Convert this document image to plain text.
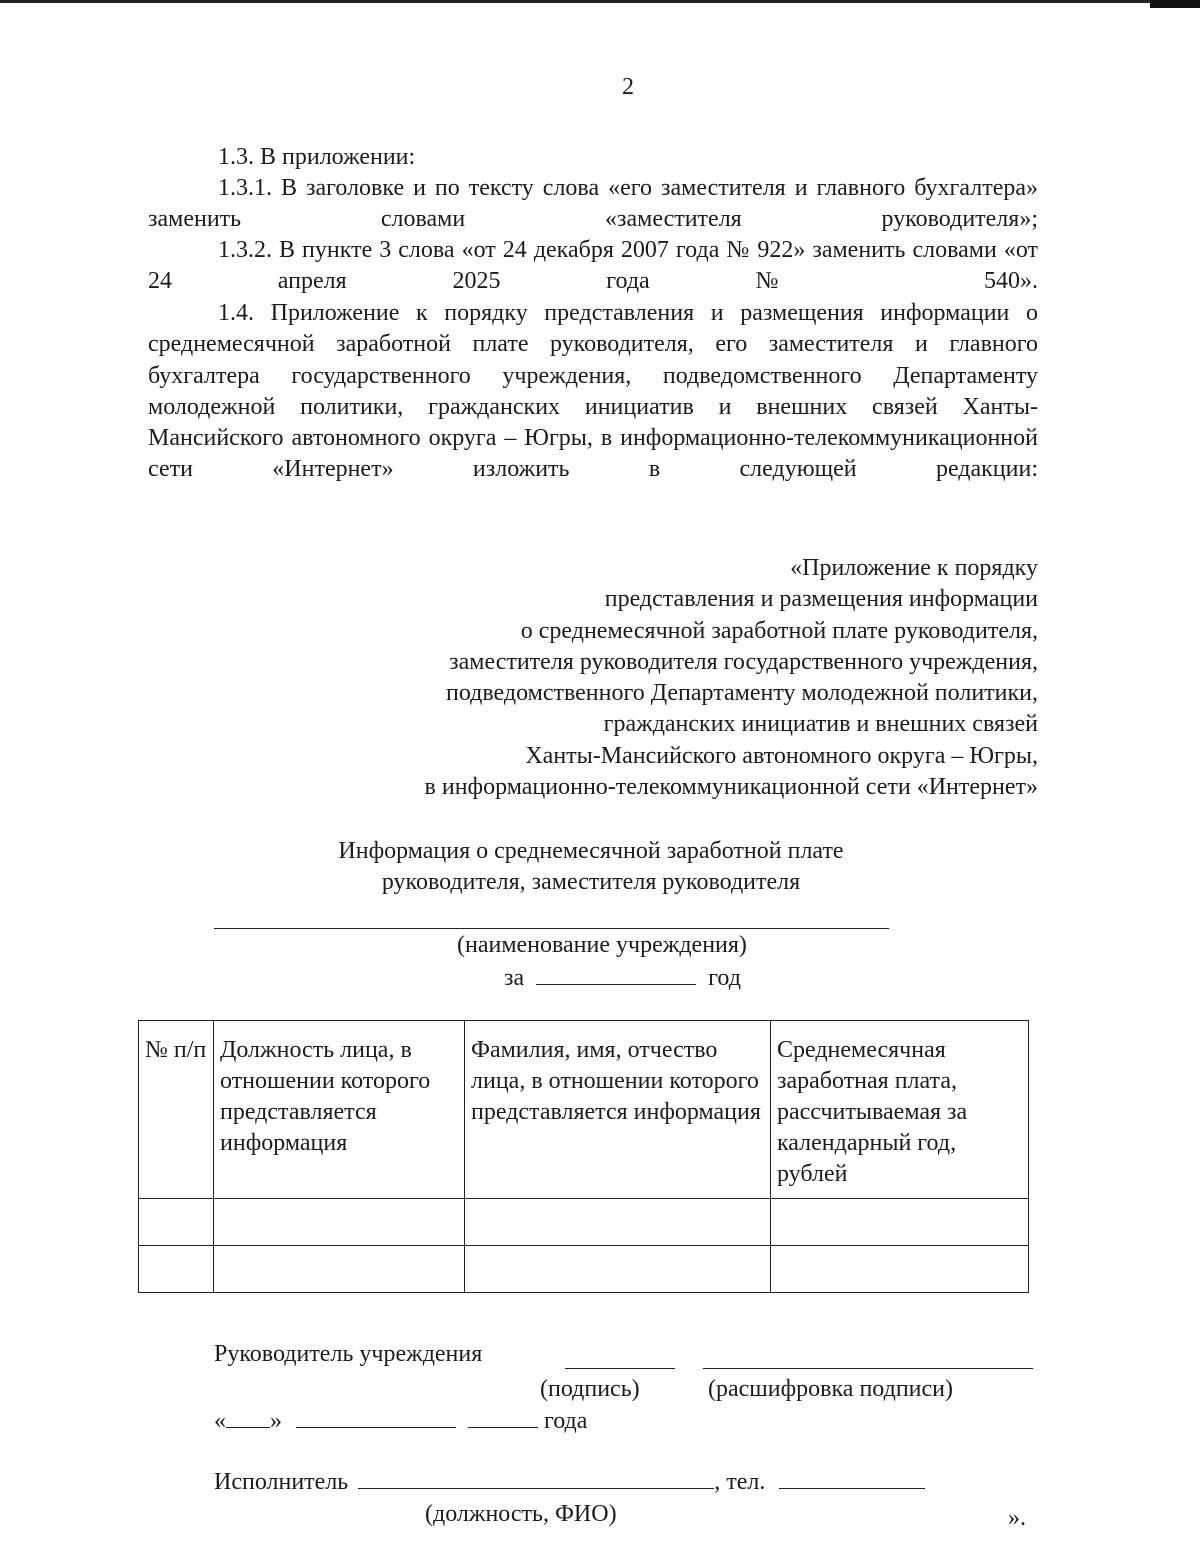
2
1.3. В приложении:
1.3.1. В заголовке и по тексту слова «его заместителя и главного бухгалтера» заменить словами «заместителя руководителя»;
1.3.2. В пункте 3 слова «от 24 декабря 2007 года № 922» заменить словами «от 24 апреля 2025 года № 540».
1.4. Приложение к порядку представления и размещения информации о среднемесячной заработной плате руководителя, его заместителя и главного бухгалтера государственного учреждения, подведомственного Департаменту молодежной политики, гражданских инициатив и внешних связей Ханты-Мансийского автономного округа – Югры, в информационно-телекоммуникационной сети «Интернет» изложить в следующей редакции:
«Приложение к порядку
представления и размещения информации
о среднемесячной заработной плате руководителя,
заместителя руководителя государственного учреждения,
подведомственного Департаменту молодежной политики,
гражданских инициатив и внешних связей
Ханты-Мансийского автономного округа – Югры,
в информационно-телекоммуникационной сети «Интернет»
Информация о среднемесячной заработной плате
руководителя, заместителя руководителя
(наименование учреждения)
за	год
№ п/п	Должность лица, в отношении которого представляется информация	Фамилия, имя, отчество лица, в отношении которого представляется информация	Среднемесячная заработная плата, рассчитываемая за календарный год, рублей

Руководитель учреждения
(подпись)	(расшифровка подписи)
« »	года
Исполнитель	, тел.
(должность, ФИО)	».
